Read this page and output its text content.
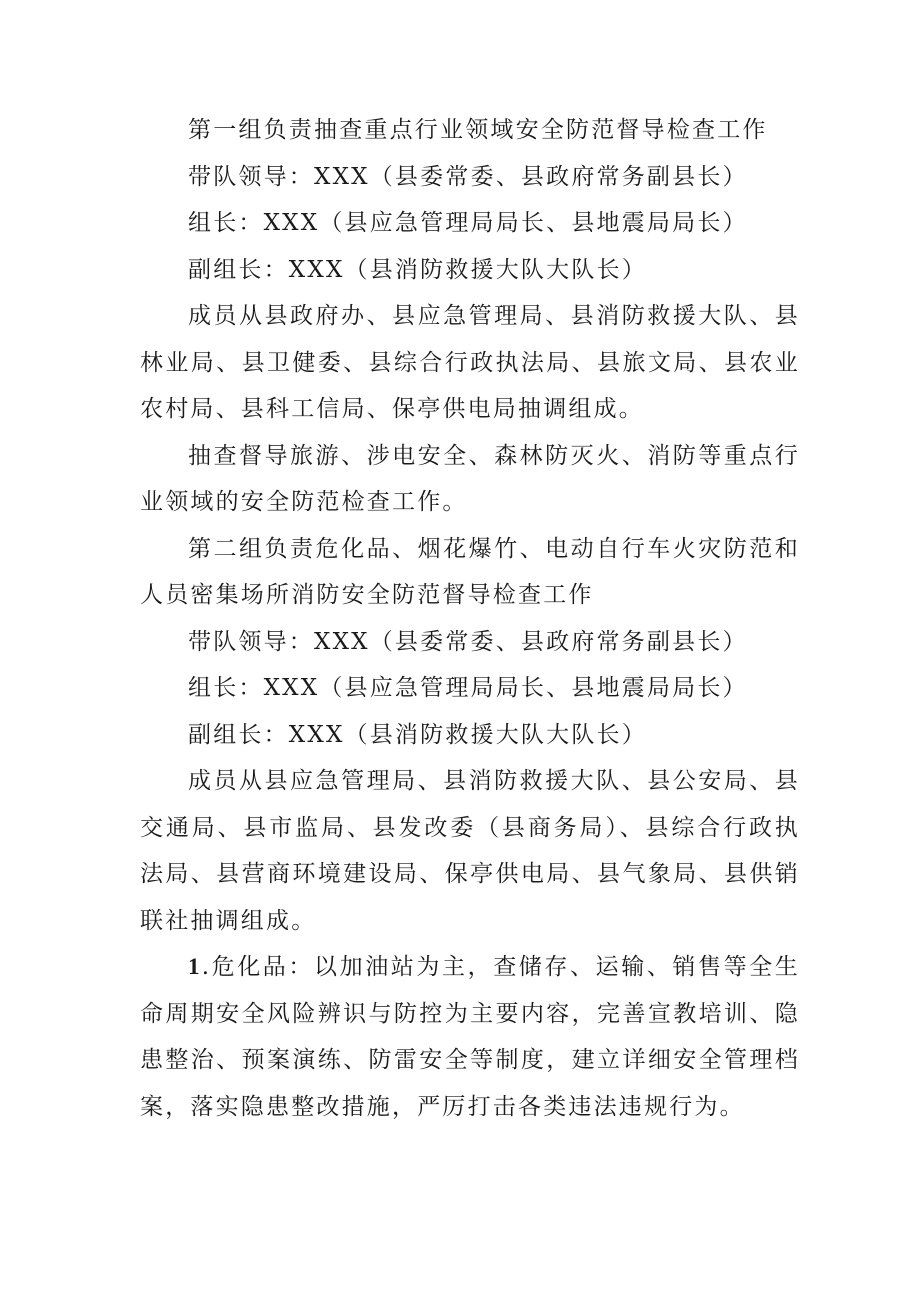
第一组负责抽查重点行业领域安全防范督导检查工作

带队领导：XXX（县委常委、县政府常务副县长）

组长：XXX（县应急管理局局长、县地震局局长）

副组长：XXX（县消防救援大队大队长）

成员从县政府办、县应急管理局、县消防救援大队、县林业局、县卫健委、县综合行政执法局、县旅文局、县农业农村局、县科工信局、保亭供电局抽调组成。

抽查督导旅游、涉电安全、森林防灭火、消防等重点行业领域的安全防范检查工作。

第二组负责危化品、烟花爆竹、电动自行车火灾防范和人员密集场所消防安全防范督导检查工作

带队领导：XXX（县委常委、县政府常务副县长）

组长：XXX（县应急管理局局长、县地震局局长）

副组长：XXX（县消防救援大队大队长）

成员从县应急管理局、县消防救援大队、县公安局、县交通局、县市监局、县发改委（县商务局）、县综合行政执法局、县营商环境建设局、保亭供电局、县气象局、县供销联社抽调组成。

1.危化品：以加油站为主，查储存、运输、销售等全生命周期安全风险辨识与防控为主要内容，完善宣教培训、隐患整治、预案演练、防雷安全等制度，建立详细安全管理档案，落实隐患整改措施，严厉打击各类违法违规行为。
